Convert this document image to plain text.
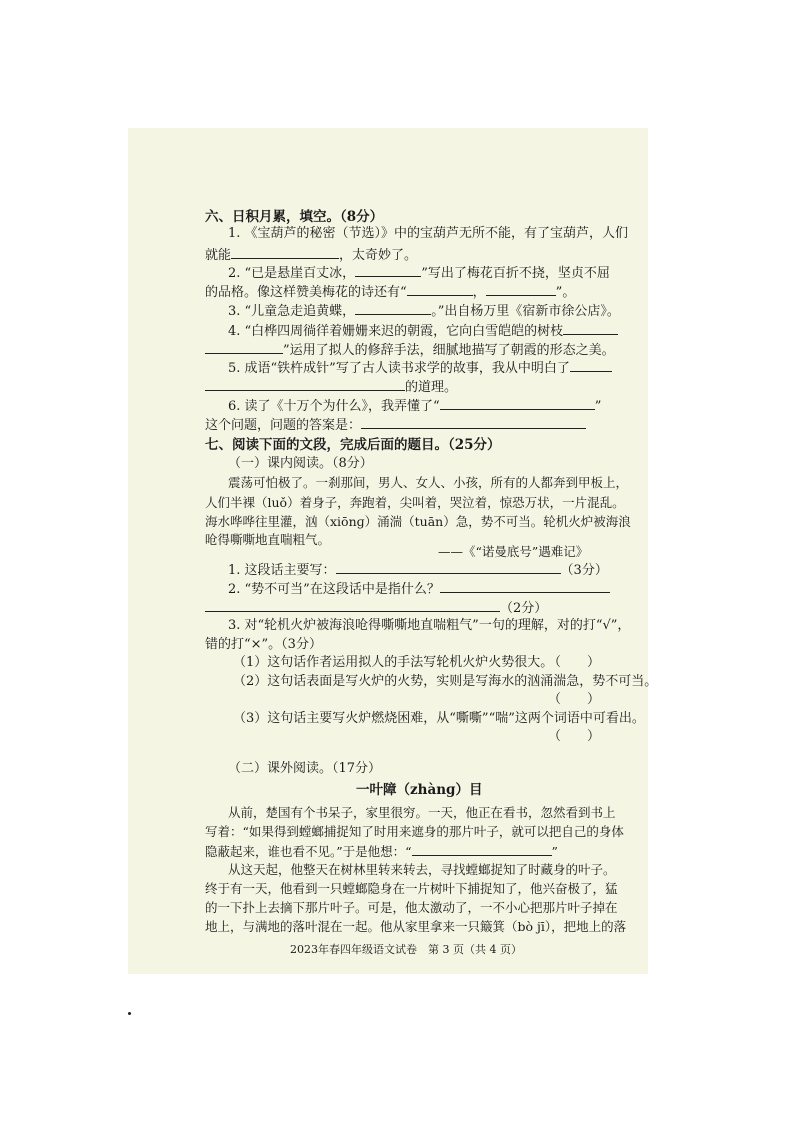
六、日积月累，填空。（8分）
1. 《宝葫芦的秘密（节选）》中的宝葫芦无所不能，有了宝葫芦，人们
就能	，太奇妙了。
2. “已是悬崖百丈冰，	”写出了梅花百折不挠，坚贞不屈
的品格。像这样赞美梅花的诗还有“	，	”。
3. “儿童急走追黄蝶，	。”出自杨万里《宿新市徐公店》。
4. “白桦四周徜徉着姗姗来迟的朝霞，它向白雪皑皑的树枝
”运用了拟人的修辞手法，细腻地描写了朝霞的形态之美。
5. 成语“铁杵成针”写了古人读书求学的故事，我从中明白了
的道理。
6. 读了《十万个为什么》，我弄懂了“	”
这个问题，问题的答案是：
七、阅读下面的文段，完成后面的题目。（25分）
（一）课内阅读。（8分）
震荡可怕极了。一刹那间，男人、女人、小孩，所有的人都奔到甲板上，
人们半裸（luǒ）着身子，奔跑着，尖叫着，哭泣着，惊恐万状，一片混乱。
海水哗哗往里灌，汹（xiōnɡ）涌湍（tuān）急，势不可当。轮机火炉被海浪
呛得嘶嘶地直喘粗气。
——《“诺曼底号”遇难记》
1. 这段话主要写：	（3分）
2. “势不可当”在这段话中是指什么？
（2分）
3. 对“轮机火炉被海浪呛得嘶嘶地直喘粗气”一句的理解，对的打“√”，
错的打“×”。（3分）
（1）这句话作者运用拟人的手法写轮机火炉火势很大。
（　　）
（2）这句话表面是写火炉的火势，实则是写海水的汹涌湍急，势不可当。
（　　）
（3）这句话主要写火炉燃烧困难，从“嘶嘶”“喘”这两个词语中可看出。
（　　）
（二）课外阅读。（17分）
一叶障（zhànɡ）目
从前，楚国有个书呆子，家里很穷。一天，他正在看书，忽然看到书上
写着：“如果得到螳螂捕捉知了时用来遮身的那片叶子，就可以把自己的身体
隐蔽起来，谁也看不见。”于是他想：“	”
从这天起，他整天在树林里转来转去，寻找螳螂捉知了时藏身的叶子。
终于有一天，他看到一只螳螂隐身在一片树叶下捕捉知了，他兴奋极了，猛
的一下扑上去摘下那片叶子。可是，他太激动了，一不小心把那片叶子掉在
地上，与满地的落叶混在一起。他从家里拿来一只簸箕（bò jī），把地上的落
2023年春四年级语文试卷　第 3 页（共 4 页）
